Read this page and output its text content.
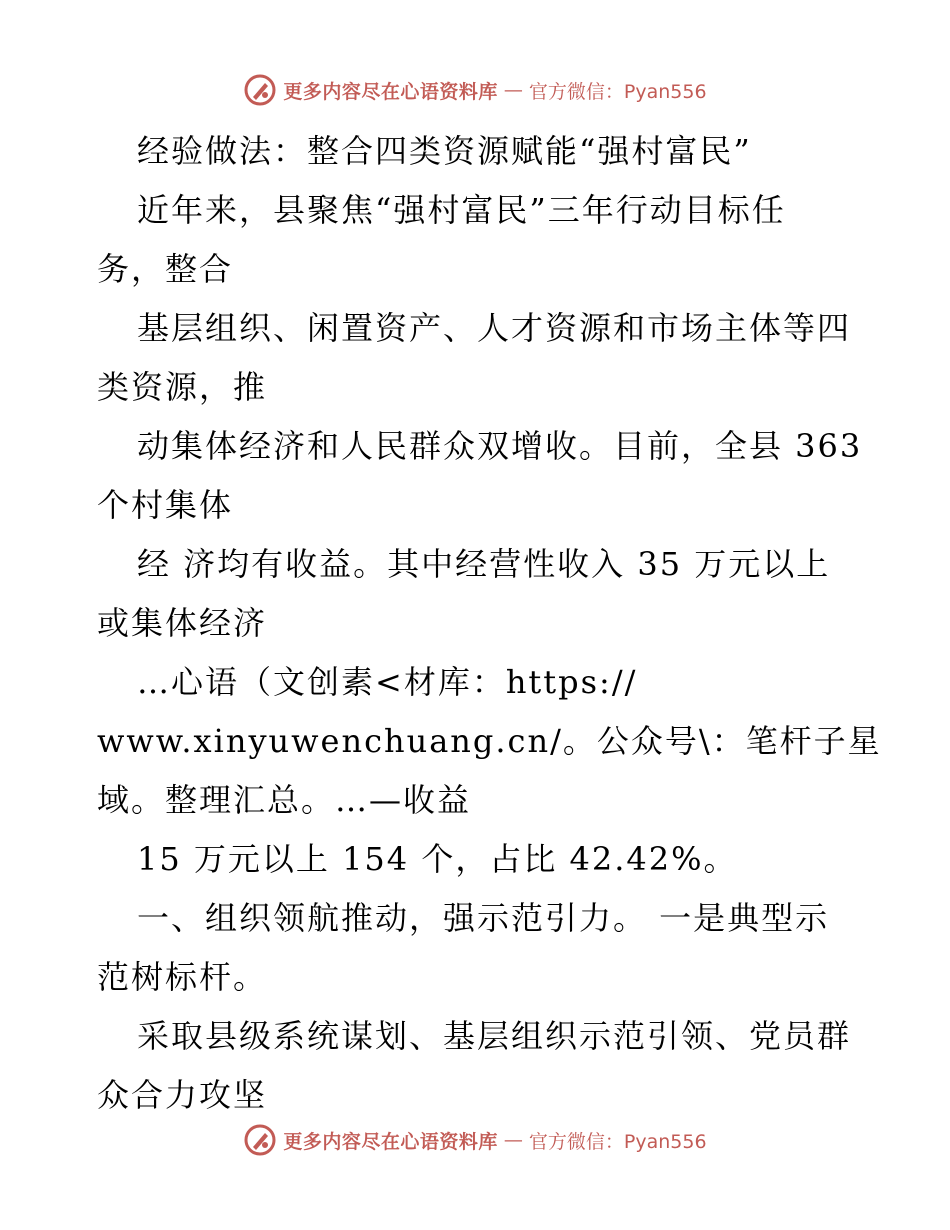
更多内容尽在心语资料库 — 官方微信：Pyan556
经验做法：整合四类资源赋能“强村富民”
近年来，县聚焦“强村富民”三年行动目标任
务，整合
基层组织、闲置资产、人才资源和市场主体等四
类资源，推
动集体经济和人民群众双增收。目前，全县 363
个村集体
经 济均有收益。其中经营性收入 35 万元以上
或集体经济
…心语（文创素<材库：https://
www.xinyuwenchuang.cn/。公众号\：笔杆子星
域。整理汇总。…—收益
15 万元以上 154 个，占比 42.42%。
一、组织领航推动，强示范引力。 一是典型示
范树标杆。
采取县级系统谋划、基层组织示范引领、党员群
众合力攻坚
更多内容尽在心语资料库 — 官方微信：Pyan556
